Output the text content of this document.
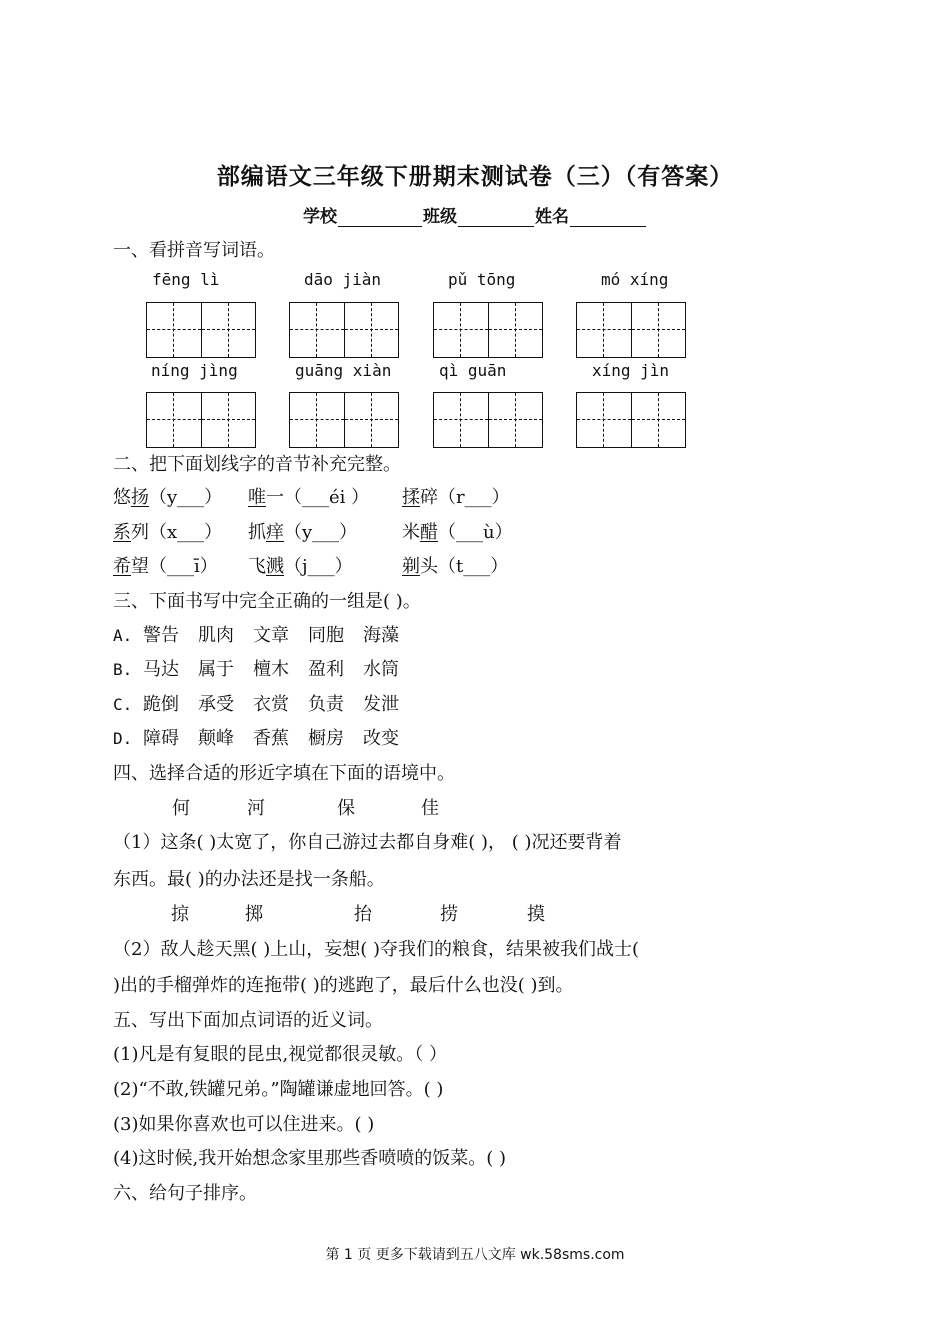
部编语文三年级下册期末测试卷（三）（有答案）
学校	班级	姓名
一、看拼音写词语。
fēng lì	dāo jiàn	pǔ tōng	mó xíng
níng jìng	guāng xiàn	qì guān	xíng jìn
二、把下面划线字的音节补充完整。
悠扬（y___） 唯一（___éi ） 揉碎（r___）
系列（x___） 抓痒（y___） 米醋（___ù）
希望（___ī） 飞溅（j___）	剃头（t___）
三、下面书写中完全正确的一组是( )。
A. 警告 肌肉 文章 同胞 海藻
B. 马达 属于 檀木 盈利 水筒
C. 跪倒 承受 衣赏 负责 发泄
D. 障碍 颠峰 香蕉 橱房 改变
四、选择合适的形近字填在下面的语境中。
何	河	保	佳
（1）这条( )太宽了，你自己游过去都自身难( )， ( )况还要背着
东西。最( )的办法还是找一条船。
掠	掷	抬	捞	摸
（2）敌人趁天黑( )上山，妄想( )夺我们的粮食，结果被我们战士(
)出的手榴弹炸的连拖带( )的逃跑了，最后什么也没( )到。
五、写出下面加点词语的近义词。
(1)凡是有复眼的昆虫,视觉都很灵敏。（ ）
(2)“不敢,铁罐兄弟。”陶罐谦虚地回答。( )
(3)如果你喜欢也可以住进来。( )
(4)这时候,我开始想念家里那些香喷喷的饭菜。( )
六、给句子排序。
第 1 页 更多下载请到五八文库 wk.58sms.com
